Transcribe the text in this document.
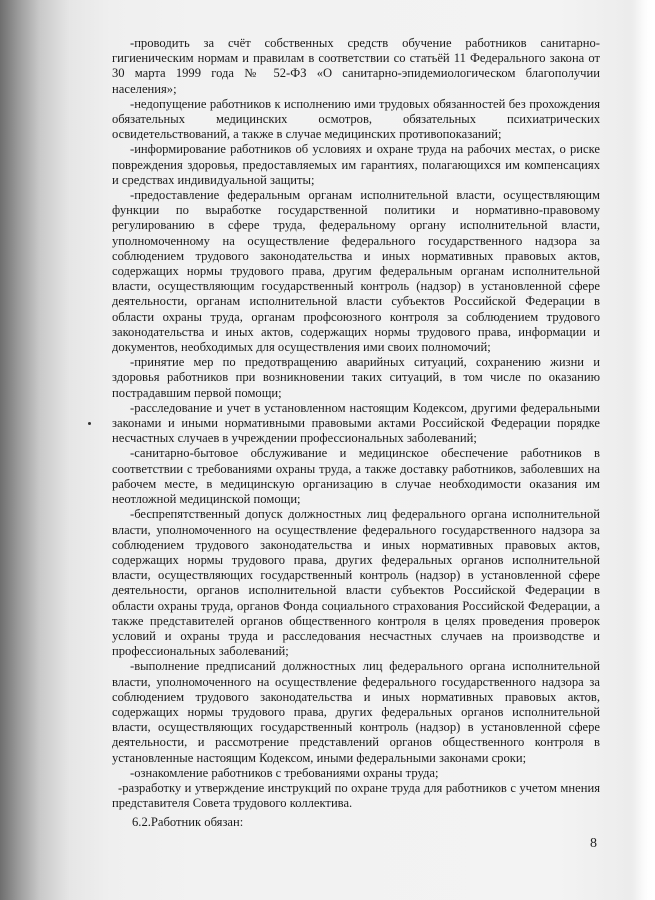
-проводить за счёт собственных средств обучение работников санитарно-гигиеническим нормам и правилам в соответствии со статьёй 11 Федерального закона от 30 марта 1999 года № 52-ФЗ «О санитарно-эпидемиологическом благополучии населения»;

-недопущение работников к исполнению ими трудовых обязанностей без прохождения обязательных медицинских осмотров, обязательных психиатрических освидетельствований, а также в случае медицинских противопоказаний;

-информирование работников об условиях и охране труда на рабочих местах, о риске повреждения здоровья, предоставляемых им гарантиях, полагающихся им компенсациях и средствах индивидуальной защиты;

-предоставление федеральным органам исполнительной власти, осуществляющим функции по выработке государственной политики и нормативно-правовому регулированию в сфере труда, федеральному органу исполнительной власти, уполномоченному на осуществление федерального государственного надзора за соблюдением трудового законодательства и иных нормативных правовых актов, содержащих нормы трудового права, другим федеральным органам исполнительной власти, осуществляющим государственный контроль (надзор) в установленной сфере деятельности, органам исполнительной власти субъектов Российской Федерации в области охраны труда, органам профсоюзного контроля за соблюдением трудового законодательства и иных актов, содержащих нормы трудового права, информации и документов, необходимых для осуществления ими своих полномочий;

-принятие мер по предотвращению аварийных ситуаций, сохранению жизни и здоровья работников при возникновении таких ситуаций, в том числе по оказанию пострадавшим первой помощи;

-расследование и учет в установленном настоящим Кодексом, другими федеральными законами и иными нормативными правовыми актами Российской Федерации порядке несчастных случаев в учреждении профессиональных заболеваний;

-санитарно-бытовое обслуживание и медицинское обеспечение работников в соответствии с требованиями охраны труда, а также доставку работников, заболевших на рабочем месте, в медицинскую организацию в случае необходимости оказания им неотложной медицинской помощи;

-беспрепятственный допуск должностных лиц федерального органа исполнительной власти, уполномоченного на осуществление федерального государственного надзора за соблюдением трудового законодательства и иных нормативных правовых актов, содержащих нормы трудового права, других федеральных органов исполнительной власти, осуществляющих государственный контроль (надзор) в установленной сфере деятельности, органов исполнительной власти субъектов Российской Федерации в области охраны труда, органов Фонда социального страхования Российской Федерации, а также представителей органов общественного контроля в целях проведения проверок условий и охраны труда и расследования несчастных случаев на производстве и профессиональных заболеваний;

-выполнение предписаний должностных лиц федерального органа исполнительной власти, уполномоченного на осуществление федерального государственного надзора за соблюдением трудового законодательства и иных нормативных правовых актов, содержащих нормы трудового права, других федеральных органов исполнительной власти, осуществляющих государственный контроль (надзор) в установленной сфере деятельности, и рассмотрение представлений органов общественного контроля в установленные настоящим Кодексом, иными федеральными законами сроки;

-ознакомление работников с требованиями охраны труда;

-разработку и утверждение инструкций по охране труда для работников с учетом мнения представителя Совета трудового коллектива.

6.2.Работник обязан:

8
